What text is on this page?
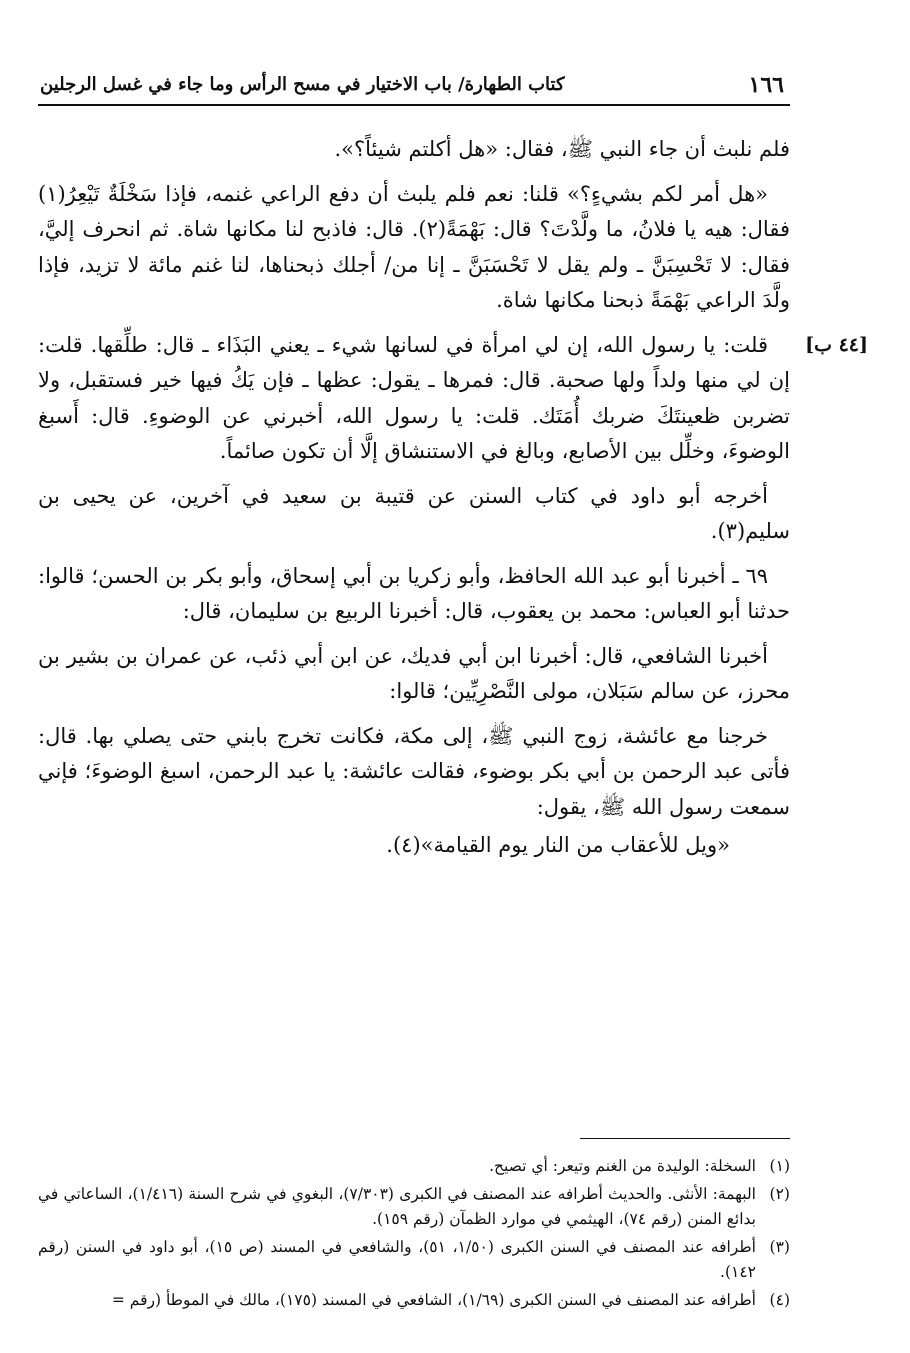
١٦٦
كتاب الطهارة/ باب الاختيار في مسح الرأس وما جاء في غسل الرجلين
[٤٤ ب]

فلم نلبث أن جاء النبي ﷺ، فقال: «هل أكلتم شيئاً؟».

«هل أمر لكم بشيءٍ؟» قلنا: نعم فلم يلبث أن دفع الراعي غنمه، فإذا سَخْلَةٌ تَيْعِرُ(١) فقال: هيه يا فلانُ، ما ولَّدْتَ؟ قال: بَهْمَةً(٢). قال: فاذبح لنا مكانها شاة. ثم انحرف إليَّ، فقال: لا تَحْسِبَنَّ ـ ولم يقل لا تَحْسَبَنَّ ـ إنا من/ أجلك ذبحناها، لنا غنم مائة لا تزيد، فإذا ولَّدَ الراعي بَهْمَةً ذبحنا مكانها شاة.

قلت: يا رسول الله، إن لي امرأة في لسانها شيء ـ يعني البَذَاء ـ قال: طلِّقها. قلت: إن لي منها ولداً ولها صحبة. قال: فمرها ـ يقول: عظها ـ فإن يَكُ فيها خير فستقبل، ولا تضربن ظعينتَكَ ضربك أُمَتَك. قلت: يا رسول الله، أخبرني عن الوضوءِ. قال: أَسبغ الوضوءَ، وخلِّل بين الأصابع، وبالغ في الاستنشاق إلَّا أن تكون صائماً.

أخرجه أبو داود في كتاب السنن عن قتيبة بن سعيد في آخرين، عن يحيى بن سليم(٣).

٦٩ ـ أخبرنا أبو عبد الله الحافظ، وأبو زكريا بن أبي إسحاق، وأبو بكر بن الحسن؛ قالوا: حدثنا أبو العباس: محمد بن يعقوب، قال: أخبرنا الربيع بن سليمان، قال:

أخبرنا الشافعي، قال: أخبرنا ابن أبي فديك، عن ابن أبي ذئب، عن عمران بن بشير بن محرز، عن سالم سَبَلان، مولى النَّصْرِيِّين؛ قالوا:

خرجنا مع عائشة، زوج النبي ﷺ، إلى مكة، فكانت تخرج بابني حتى يصلي بها. قال: فأتى عبد الرحمن بن أبي بكر بوضوء، فقالت عائشة: يا عبد الرحمن، اسبغ الوضوءَ؛ فإني سمعت رسول الله ﷺ، يقول:

«ويل للأعقاب من النار يوم القيامة»(٤).

(١)السخلة: الوليدة من الغنم وتيعر: أي تصيح.

(٢)البهمة: الأنثى. والحديث أطرافه عند المصنف في الكبرى (٧/٣٠٣)، البغوي في شرح السنة (١/٤١٦)، الساعاتي في بدائع المنن (رقم ٧٤)، الهيثمي في موارد الظمآن (رقم ١٥٩).

(٣)أطرافه عند المصنف في السنن الكبرى (١/٥٠، ٥١)، والشافعي في المسند (ص ١٥)، أبو داود في السنن (رقم ١٤٢).

(٤)أطرافه عند المصنف في السنن الكبرى (١/٦٩)، الشافعي في المسند (١٧٥)، مالك في الموطأ (رقم =
